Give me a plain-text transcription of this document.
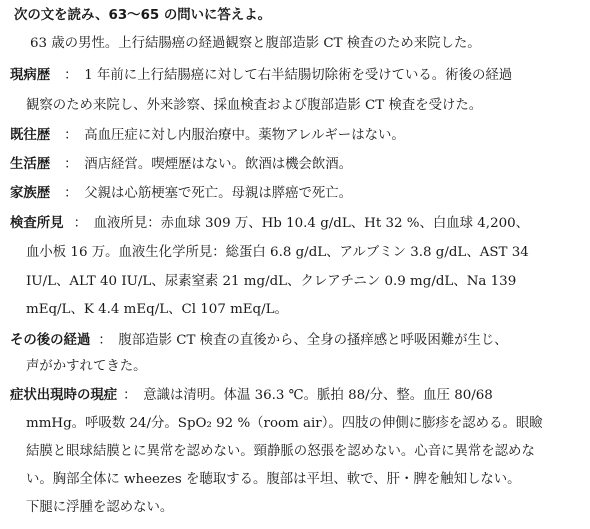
次の文を読み、63〜65 の問いに答えよ。
63 歳の男性。上行結腸癌の経過観察と腹部造影 CT 検査のため来院した。
現病歴 ：　1 年前に上行結腸癌に対して右半結腸切除術を受けている。術後の経過
観察のため来院し、外来診察、採血検査および腹部造影 CT 検査を受けた。
既往歴 ：　高血圧症に対し内服治療中。薬物アレルギーはない。
生活歴 ：　酒店経営。喫煙歴はない。飲酒は機会飲酒。
家族歴 ：　父親は心筋梗塞で死亡。母親は膵癌で死亡。
検査所見 ：　血液所見：赤血球 309 万、Hb 10.4 g/dL、Ht 32 %、白血球 4,200、
血小板 16 万。血液生化学所見：総蛋白 6.8 g/dL、アルブミン 3.8 g/dL、AST 34
IU/L、ALT 40 IU/L、尿素窒素 21 mg/dL、クレアチニン 0.9 mg/dL、Na 139
mEq/L、K 4.4 mEq/L、Cl 107 mEq/L。
その後の経過 ：　腹部造影 CT 検査の直後から、全身の搔痒感と呼吸困難が生じ、
声がかすれてきた。
症状出現時の現症 ：　意識は清明。体温 36.3 ℃。脈拍 88/分、整。血圧 80/68
mmHg。呼吸数 24/分。SpO₂ 92 %（room air）。四肢の伸側に膨疹を認める。眼瞼
結膜と眼球結膜とに異常を認めない。頸静脈の怒張を認めない。心音に異常を認めな
い。胸部全体に wheezes を聴取する。腹部は平坦、軟で、肝・脾を触知しない。
下腿に浮腫を認めない。
